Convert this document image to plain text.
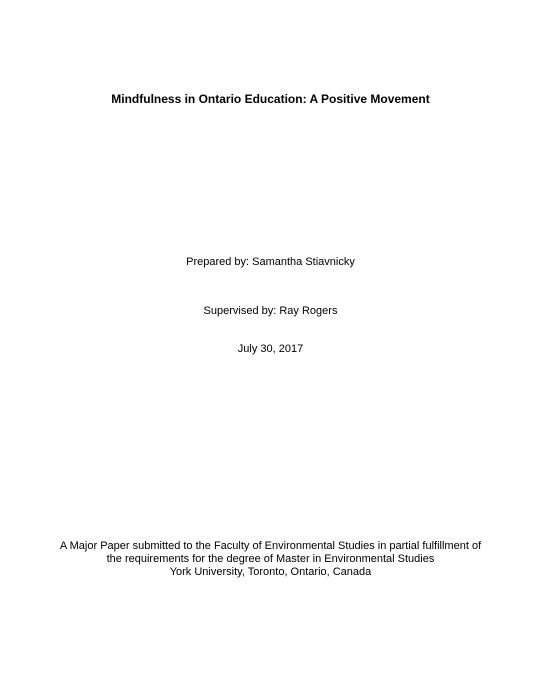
Mindfulness in Ontario Education: A Positive Movement
Prepared by: Samantha Stiavnicky
Supervised by: Ray Rogers
July 30, 2017
A Major Paper submitted to the Faculty of Environmental Studies in partial fulfillment of
the requirements for the degree of Master in Environmental Studies
York University, Toronto, Ontario, Canada
